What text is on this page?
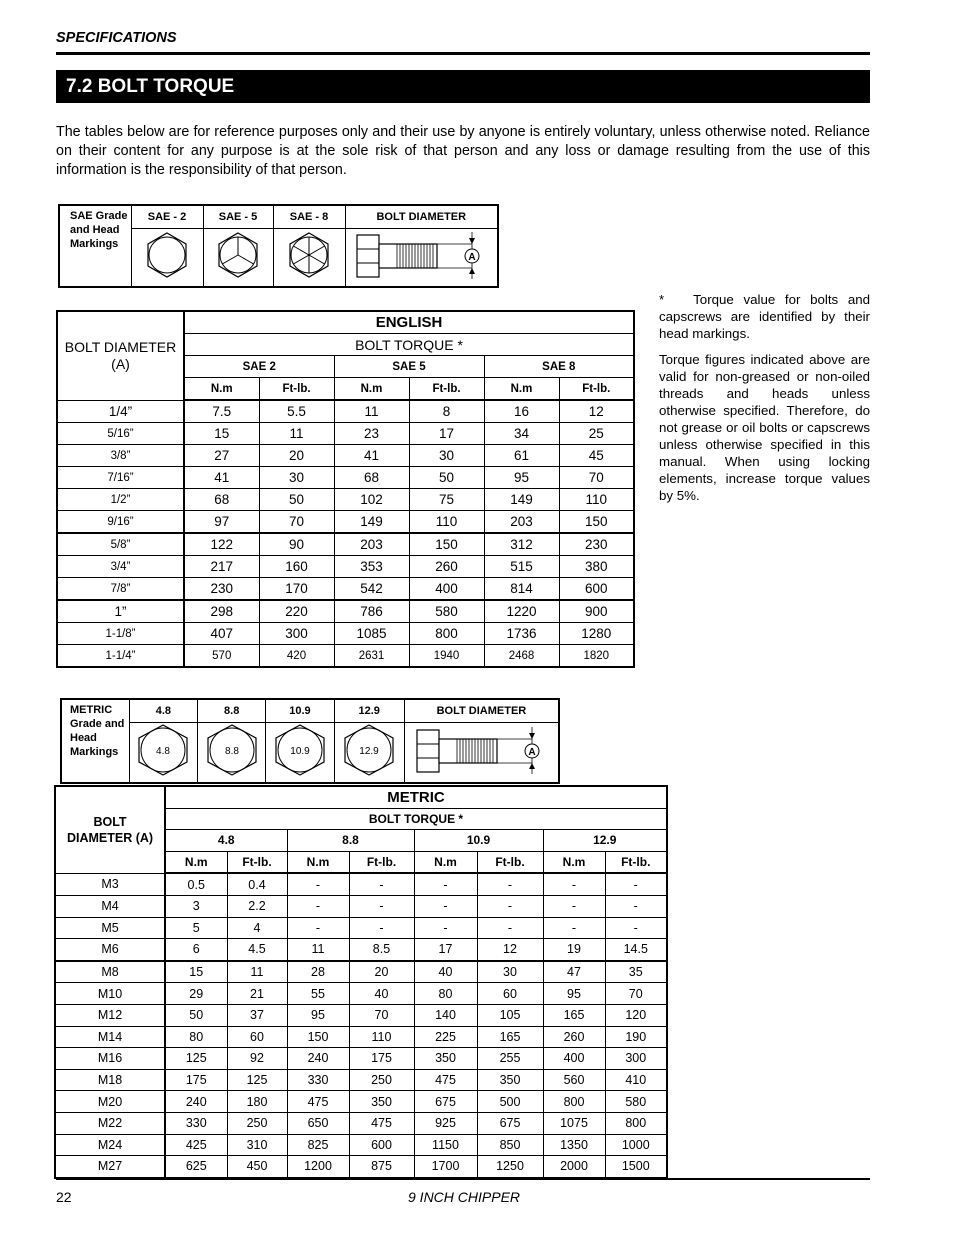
SPECIFICATIONS
7.2 BOLT TORQUE
The tables below are for reference purposes only and their use by anyone is entirely voluntary, unless otherwise noted. Reliance on their content for any purpose is at the sole risk of that person and any loss or damage resulting from the use of this information is the responsibility of that person.
SAE Grade and Head Markings	SAE - 2	SAE - 5	SAE - 8	BOLT DIAMETER

A
BOLT DIAMETER (A)	ENGLISH					
	BOLT TORQUE *					
	SAE 2		SAE 5		SAE 8	
	N.m	Ft-lb.	N.m	Ft-lb.	N.m	Ft-lb.
1/4”	7.5	5.5	11	8	16	12
5/16”	15	11	23	17	34	25
3/8”	27	20	41	30	61	45
7/16”	41	30	68	50	95	70
1/2”	68	50	102	75	149	110
9/16”	97	70	149	110	203	150
5/8”	122	90	203	150	312	230
3/4”	217	160	353	260	515	380
7/8”	230	170	542	400	814	600
1”	298	220	786	580	1220	900
1-1/8”	407	300	1085	800	1736	1280
1-1/4”	570	420	2631	1940	2468	1820
* Torque value for bolts and capscrews are identified by their head markings.
Torque figures indicated above are valid for non-greased or non-oiled threads and heads unless otherwise specified. Therefore, do not grease or oil bolts or capscrews unless otherwise specified in this manual. When using locking elements, increase torque values by 5%.
METRIC Grade and Head Markings	4.8	8.8	10.9	12.9	BOLT DIAMETER

4.8	8.8	10.9	12.9	A
BOLT DIAMETER (A)	METRIC							
	BOLT TORQUE *							
	4.8		8.8		10.9		12.9	
	N.m	Ft-lb.	N.m	Ft-lb.	N.m	Ft-lb.	N.m	Ft-lb.
M3	0.5	0.4	-	-	-	-	-	-
M4	3	2.2	-	-	-	-	-	-
M5	5	4	-	-	-	-	-	-
M6	6	4.5	11	8.5	17	12	19	14.5
M8	15	11	28	20	40	30	47	35
M10	29	21	55	40	80	60	95	70
M12	50	37	95	70	140	105	165	120
M14	80	60	150	110	225	165	260	190
M16	125	92	240	175	350	255	400	300
M18	175	125	330	250	475	350	560	410
M20	240	180	475	350	675	500	800	580
M22	330	250	650	475	925	675	1075	800
M24	425	310	825	600	1150	850	1350	1000
M27	625	450	1200	875	1700	1250	2000	1500
22	9 INCH CHIPPER
